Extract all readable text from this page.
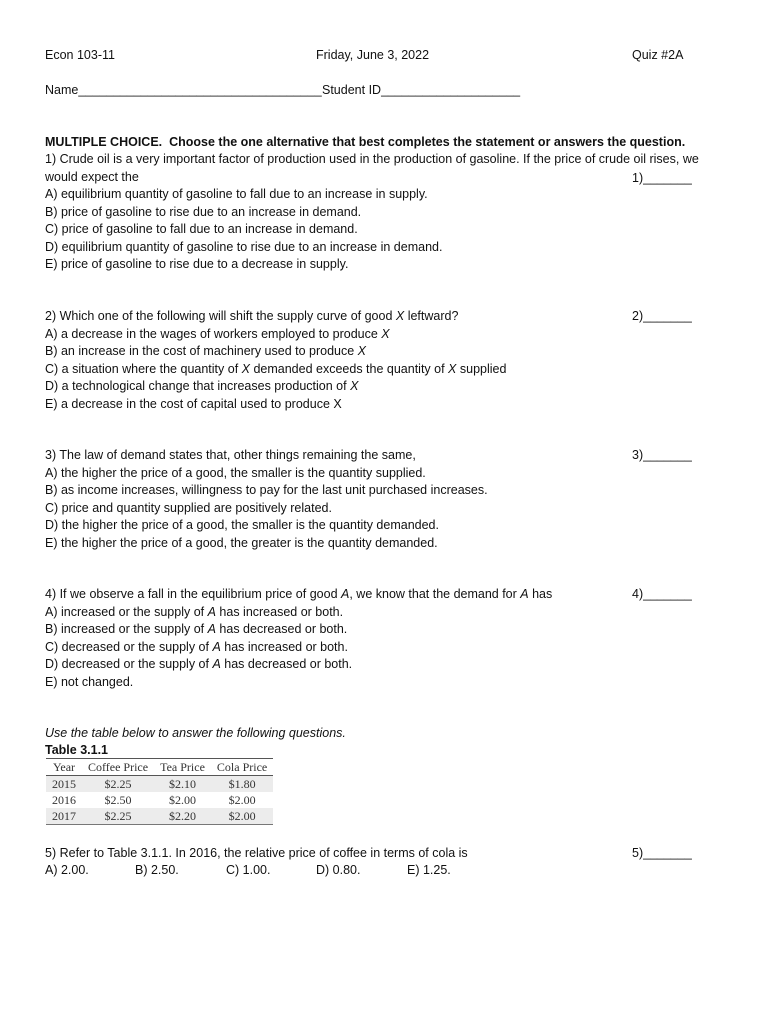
Econ 103-11	Friday, June 3, 2022	Quiz #2A
Name___________________________________ Student ID____________________
MULTIPLE CHOICE. Choose the one alternative that best completes the statement or answers the question.
1) Crude oil is a very important factor of production used in the production of gasoline. If the price of crude oil rises, we
would expect the
A) equilibrium quantity of gasoline to fall due to an increase in supply.
B) price of gasoline to rise due to an increase in demand.
C) price of gasoline to fall due to an increase in demand.
D) equilibrium quantity of gasoline to rise due to an increase in demand.
E) price of gasoline to rise due to a decrease in supply.
1)_______
2) Which one of the following will shift the supply curve of good X leftward?
A) a decrease in the wages of workers employed to produce X
B) an increase in the cost of machinery used to produce X
C) a situation where the quantity of X demanded exceeds the quantity of X supplied
D) a technological change that increases production of X
E) a decrease in the cost of capital used to produce X
2)_______
3) The law of demand states that, other things remaining the same,
A) the higher the price of a good, the smaller is the quantity supplied.
B) as income increases, willingness to pay for the last unit purchased increases.
C) price and quantity supplied are positively related.
D) the higher the price of a good, the smaller is the quantity demanded.
E) the higher the price of a good, the greater is the quantity demanded.
3)_______
4) If we observe a fall in the equilibrium price of good A, we know that the demand for A has
A) increased or the supply of A has increased or both.
B) increased or the supply of A has decreased or both.
C) decreased or the supply of A has increased or both.
D) decreased or the supply of A has decreased or both.
E) not changed.
4)_______
Use the table below to answer the following questions.
Table 3.1.1
Year	Coffee Price	Tea Price	Cola Price
2015	$2.25	$2.10	$1.80
2016	$2.50	$2.00	$2.00
2017	$2.25	$2.20	$2.00
5) Refer to Table 3.1.1. In 2016, the relative price of coffee in terms of cola is	5)_______
A) 2.00.	B) 2.50.	C) 1.00.	D) 0.80.	E) 1.25.
